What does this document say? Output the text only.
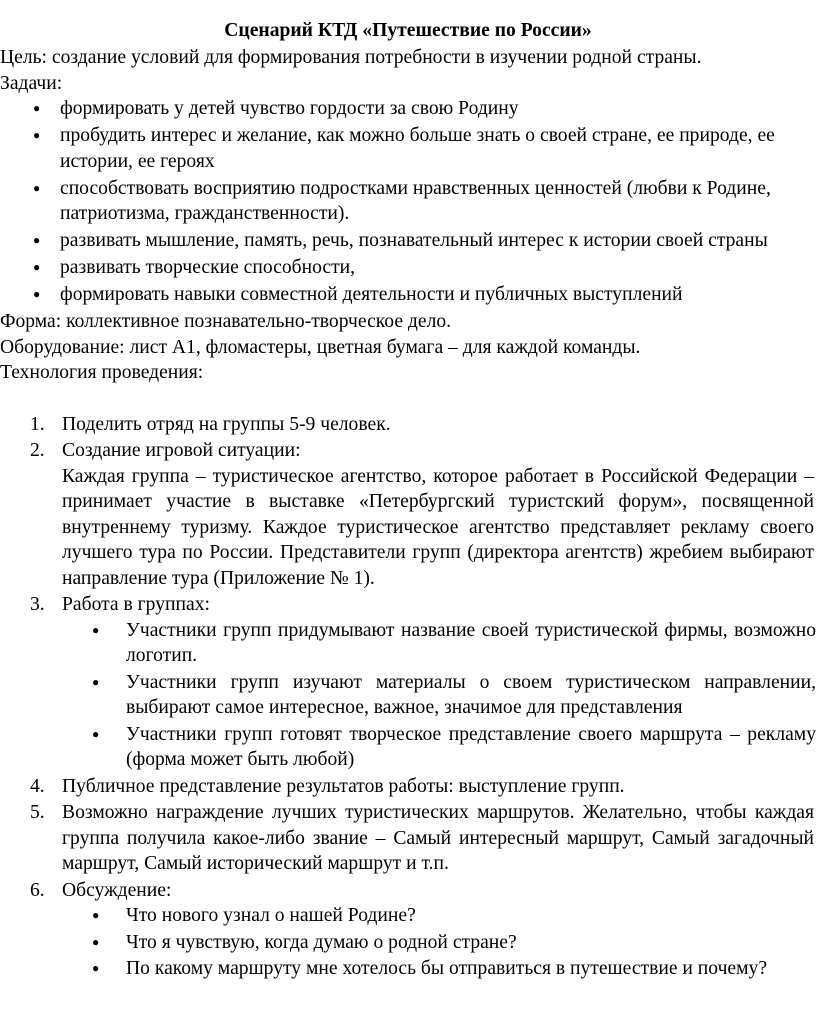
Сценарий КТД «Путешествие по России»

Цель: создание условий для формирования потребности в изучении родной страны.

Задачи:

● формировать у детей чувство гордости за свою Родину
● пробудить интерес и желание, как можно больше знать о своей стране, ее природе, ее истории, ее героях
● способствовать восприятию подростками нравственных ценностей (любви к Родине, патриотизма, гражданственности).
● развивать мышление, память, речь, познавательный интерес к истории своей страны
● развивать творческие способности,
● формировать навыки совместной деятельности и публичных выступлений

Форма: коллективное познавательно-творческое дело.

Оборудование: лист А1, фломастеры, цветная бумага – для каждой команды.

Технология проведения:

1. Поделить отряд на группы 5-9 человек.
2. Создание игровой ситуации:
Каждая группа – туристическое агентство, которое работает в Российской Федерации – принимает участие в выставке «Петербургский туристский форум», посвященной внутреннему туризму. Каждое туристическое агентство представляет рекламу своего лучшего тура по России. Представители групп (директора агентств) жребием выбирают направление тура (Приложение № 1).
3. Работа в группах:
● Участники групп придумывают название своей туристической фирмы, возможно логотип.
● Участники групп изучают материалы о своем туристическом направлении, выбирают самое интересное, важное, значимое для представления
● Участники групп готовят творческое представление своего маршрута – рекламу (форма может быть любой)
4. Публичное представление результатов работы: выступление групп.
5. Возможно награждение лучших туристических маршрутов. Желательно, чтобы каждая группа получила какое-либо звание – Самый интересный маршрут, Самый загадочный маршрут, Самый исторический маршрут и т.п.
6. Обсуждение:
● Что нового узнал о нашей Родине?
● Что я чувствую, когда думаю о родной стране?
● По какому маршруту мне хотелось бы отправиться в путешествие и почему?
